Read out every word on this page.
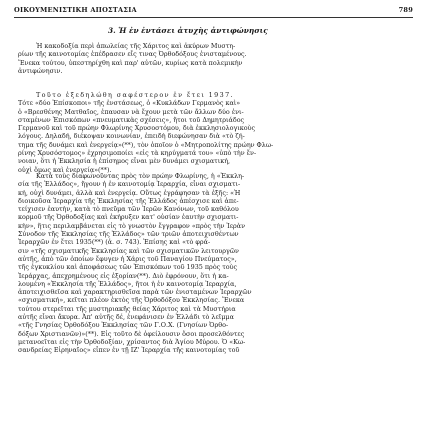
ΟΙΚΟΥΜΕΝΙΣΤΙΚΗ ΑΠΟΣΤΑΣΙΑ	789
3. Ἡ ἐν ἐντάσει ἀτυχὴς ἀντιφώνησις
Ἡ κακοδοξία περὶ ἀπωλείας τῆς Χάριτος καὶ ἀκύρων Μυστη-
ρίων τῆς καινοτομίας ἐπέδρασεν εἴς τινας Ὀρθοδόξους ἐνισταμένους.
Ἕνεκα τούτου, ὑπεστηρίχθη καὶ παρ' αὐτῶν, κυρίως κατὰ πολεμικὴν
ἀντιφώνησιν.
Τοῦτο ἐξεδηλώθη σαφέστερον ἐν ἔτει 1937.
Τότε «δύο Ἐπίσκοποι» τῆς ἐνστάσεως, ὁ «Κυκλάδων Γερμανὸς καὶ»
ὁ «Βρεσθένης Ματθαῖος, ἐπαυσαν νὰ ἔχουν μετὰ τῶν ἄλλων δύο ἐνι-
σταμένων Ἐπισκόπων «πνευματικὰς σχέσεις», ἤτοι τοῦ Δημητριάδος
Γερμανοῦ καὶ τοῦ πρώην Φλωρίνης Χρυσοστόμου, διὰ ἐκκλησιολογικοὺς
λόγους. Δηλαδή, διέκοψαν κοινωνίαν, ἐπειδὴ διεφώνησαν διὰ «τὸ ζή-
τημα τῆς δυνάμει καὶ ἐνεργείᾳ»(**), τὸν ὁποῖον ὁ «Μητροπολίτης πρώην Φλω-
ρίνης Χρυσόστομος» ἐχρησιμοποίει «εἰς τὰ κηρύγματά του» «ὑπὸ τὴν ἔν-
νοιαν, ὅτι ἡ Ἐκκλησία ἡ ἐπίσημος εἶναι μὲν δυνάμει σχισματική,
οὐχὶ ὅμως καὶ ἐνεργείᾳ»(**).
Κατὰ τοὺς διαφωνοῦντας πρὸς τὸν πρώην Φλωρίνης, ἡ «Ἐκκλη-
σία τῆς Ἑλλάδος», ἤγουν ἡ ἐν καινοτομίᾳ Ἱεραρχία, εἶναι σχισματι-
κή, οὐχὶ δυνάμει, ἀλλὰ καὶ ἐνεργείᾳ. Οὕτως ἐγράφησαν τὰ ἑξῆς: «Ἡ
διοικοῦσα Ἱεραρχία τῆς Ἐκκλησίας τῆς Ἑλλάδος ἀπέσχισε καὶ ἀπε-
τείχισεν ἑαυτὴν, κατὰ τὸ πνεῦμα τῶν Ἱερῶν Κανόνων, τοῦ καθόλου
κορμοῦ τῆς Ὀρθοδοξίας καὶ ἐκήρυξεν κατ' οὐσίαν ἑαυτὴν σχισματι-
κὴν», ἥτις περιλαμβάνεται εἰς τὸ γνωστὸν ἔγγραφον «πρὸς τὴν Ἱερὰν
Σύνοδον τῆς Ἐκκλησίας τῆς Ἑλλάδος» τῶν τριῶν ἀποτειχισθέντων
Ἱεραρχῶν ἐν ἔτει 1935(**) (ἀ. σ. 743). Ἐπίσης καὶ «τὸ φρά-
σιν «τῆς σχισματικῆς Ἐκκλησίας καὶ τῶν σχισματικῶν λειτουργῶν
αὐτῆς, ἀπὸ τῶν ὁποίων ἔφυγεν ἡ Χάρις τοῦ Παναγίου Πνεύματος»,
τῆς ἐγκυκλίου καὶ ἀποφάσεως τῶν Ἐπισκόπων τοῦ 1935 πρὸς τοὺς
Ἱεράρχας, ἀπεχρημένους εἰς ἐξορίαν(**). Διὸ ἐφρόνουν, ὅτι ἡ κα-
λουμένη «Ἐκκλησία τῆς Ἑλλάδος», ἤτοι ἡ ἐν καινοτομίᾳ Ἱεραρχία,
ἀποτειχισθεῖσα καὶ χαρακτηρισθεῖσα παρὰ τῶν ἐνισταμένων Ἱεραρχῶν
«σχισματική», κεῖται πλέον ἐκτὸς τῆς Ὀρθοδόξου Ἐκκλησίας. Ἕνεκα
τούτου στερεῖται τῆς μυστηριακῆς θείας Χάριτος καὶ τὰ Μυστήρια
αὐτῆς εἶναι ἄκυρα. Ἀπ' αὐτῆς δέ, ἐνεφάνισεν ἐν Ἑλλάδι τὸ λεῖμμα
«τῆς Γνησίας Ὀρθοδόξου Ἐκκλησίας τῶν Γ.Ο.Χ. (Γνησίων Ὀρθο-
δόξων Χριστιανῶν)»(**). Εἰς τοῦτο δὲ ὀφείλουσιν ὅσοι προσελθόντες
μετανοεῖται εἰς τὴν Ὀρθοδοξίαν, χρίσαντος διὰ Ἁγίου Μύρου. Ὁ «Κω-
σανδρείας Εἰρηναῖος» εἶπεν ἐν τῇ ΙΖ' Ἱεραρχία τῆς καινοτομίας τοῦ
